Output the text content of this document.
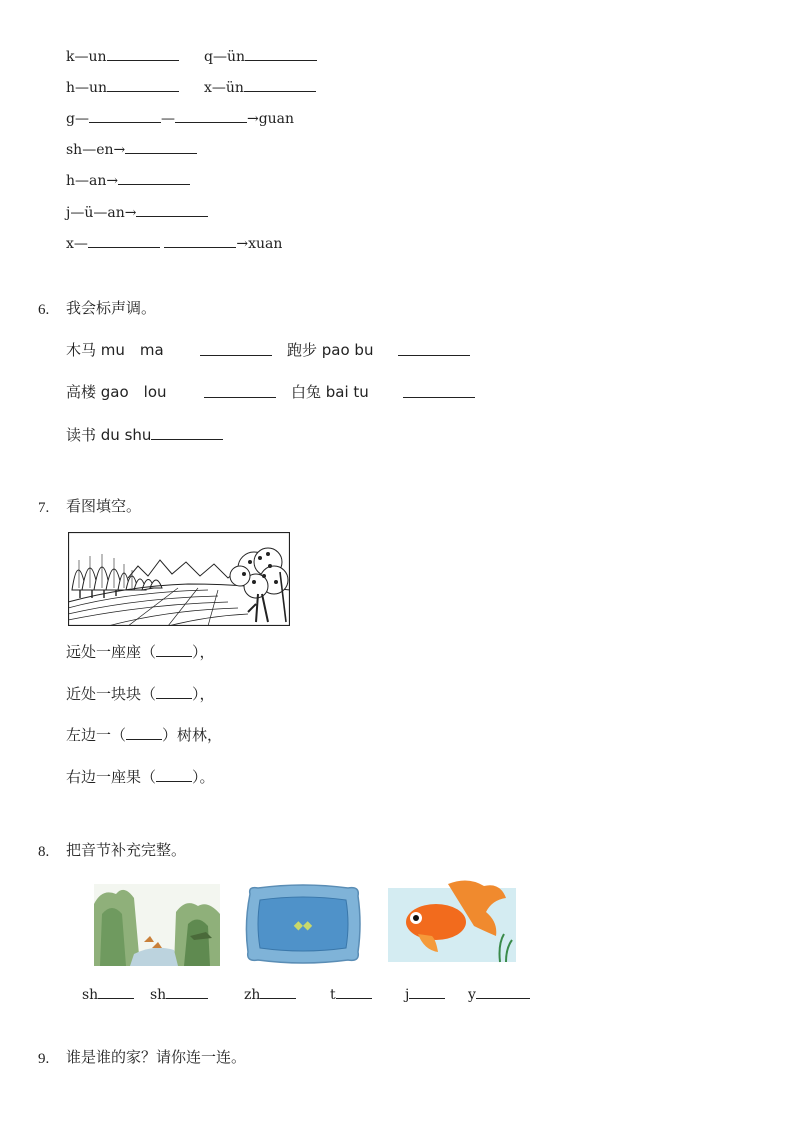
k—un	q—ün
h—un	x—ün
g—	—	→guan
sh—en→
h—an→
j—ü—an→
x—	→xuan
6. 我会标声调。
木马 mu　ma	跑步 pao bu
高楼 gao　lou	白兔 bai tu
读书 du shu
7. 看图填空。
远处一座座（ ），
近处一块块（ ），
左边一（ ）树林，
右边一座果（ ）。
8. 把音节补充完整。
◆◆
sh	sh	zh	t	j	y
9. 谁是谁的家？请你连一连。
